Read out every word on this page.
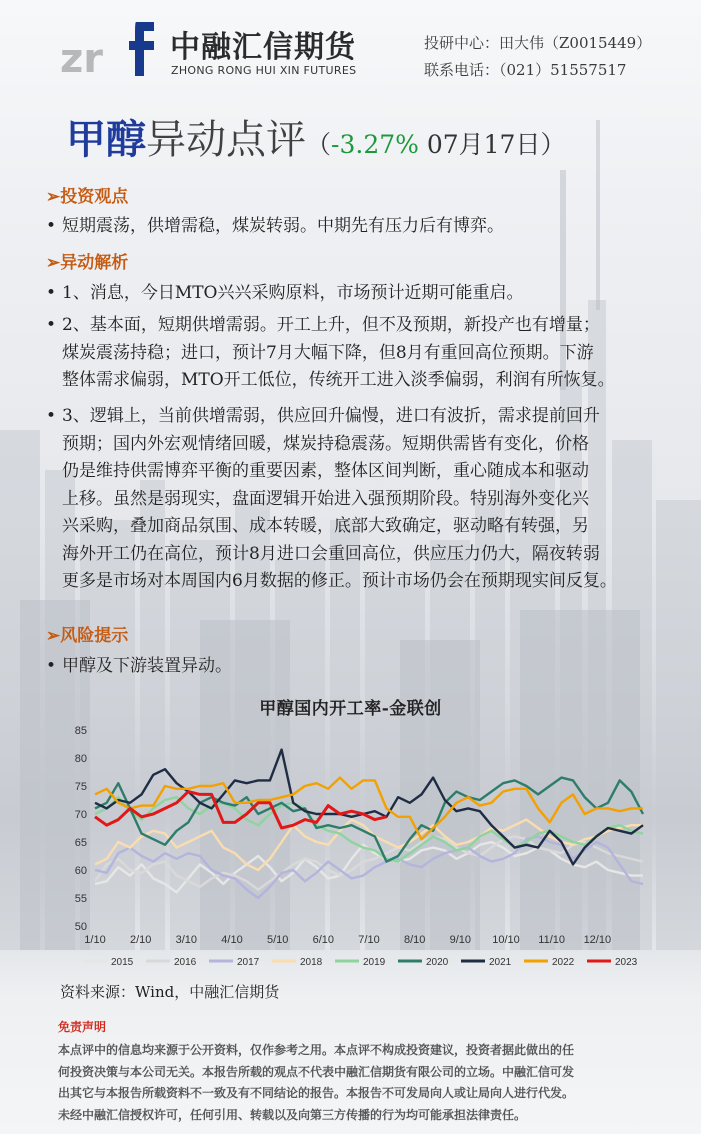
zr 中融汇信期货
ZHONG RONG HUI XIN FUTURES
投研中心：田大伟（Z0015449）
联系电话：（021）51557517
甲醇异动点评（-3.27% 07月17日）
➢投资观点
• 短期震荡，供增需稳，煤炭转弱。中期先有压力后有博弈。
➢异动解析
• 1、消息，今日MTO兴兴采购原料，市场预计近期可能重启。
• 2、基本面，短期供增需弱。开工上升，但不及预期，新投产也有增量；
煤炭震荡持稳；进口，预计7月大幅下降，但8月有重回高位预期。下游
整体需求偏弱，MTO开工低位，传统开工进入淡季偏弱，利润有所恢复。
• 3、逻辑上，当前供增需弱，供应回升偏慢，进口有波折，需求提前回升
预期；国内外宏观情绪回暖，煤炭持稳震荡。短期供需皆有变化，价格
仍是维持供需博弈平衡的重要因素，整体区间判断，重心随成本和驱动
上移。虽然是弱现实，盘面逻辑开始进入强预期阶段。特别海外变化兴
兴采购，叠加商品氛围、成本转暖，底部大致确定，驱动略有转强，另
海外开工仍在高位，预计8月进口会重回高位，供应压力仍大，隔夜转弱
更多是市场对本周国内6月数据的修正。预计市场仍会在预期现实间反复。
➢风险提示
• 甲醇及下游装置异动。
甲醇国内开工率-金联创
50
55
60
65
70
75
80
85
1/10 2/10 3/10 4/10 5/10 6/10 7/10 8/10 9/10 10/10 11/10 12/10
2015	2016	2017	2018	2019	2020	2021	2022	2023
资料来源：Wind，中融汇信期货
免责声明
本点评中的信息均来源于公开资料，仅作参考之用。本点评不构成投资建议，投资者据此做出的任
何投资决策与本公司无关。本报告所载的观点不代表中融汇信期货有限公司的立场。中融汇信可发
出其它与本报告所载资料不一致及有不同结论的报告。本报告不可发局向人或让局向人进行代发。
未经中融汇信授权许可，任何引用、转载以及向第三方传播的行为均可能承担法律责任。
